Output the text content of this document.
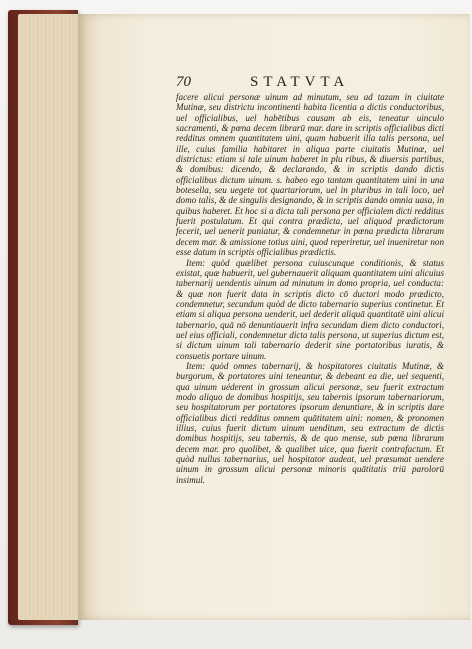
70	STATVTA

facere alicui personæ uinum ad minutum, seu ad tazam in ciuitate Mutinæ, seu districtu incontinenti habita licentia a dictis conductoribus, uel officialibus, uel habētibus causam ab eis, teneatur uinculo sacramenti, & pœna decem librarū mar. dare in scriptis officialibus dicti redditus omnem quantitatem uini, quam habuerit illa talis persona, uel ille, cuius familia habitaret in aliqua parte ciuitatis Mutinæ, uel districtus: etiam si tale uinum haberet in plu ribus, & diuersis partibus, & domibus: dicendo, & declarando, & in scriptis dando dictis officialibus dictum uinum. s. habeo ego tantam quantitatem uini in una botesella, seu uegete tot quartariorum, uel in pluribus in tali loco, uel domo talis, & de singulis designando, & in scriptis dando omnia uasa, in quibus haberet. Et hoc si a dicta tali persona per officialem dicti redditus fuerit postulatum. Et qui contra prædicta, uel aliquod prædictorum fecerit, uel uenerit puniatur, & condemnetur in pœna prædicta librarum decem mar. & amissione totius uini, quod reperiretur, uel inueniretur non esse datum in scriptis officialibus prædictis.

Item: quòd quælibet persona cuiuscunque conditionis, & status existat, quæ habuerit, uel gubernauerit aliquam quantitatem uini alicuius tabernarij uendentis uinum ad minutum in domo propria, uel conducta: & quæ non fuerit data in scriptis dicto cō ductori modo prædicto, condemnetur, secundum quòd de dicto tabernario superius continetur. Et etiam si aliqua persona uenderit, uel dederit aliquā quantitatē uini alicui tabernario, quā nō denuntiauerit infra secundam diem dicto conductori, uel eius officiali, condemnetur dicta talis persona, ut superius dictum est, si dictum uinum tali tabernario dederit sine portatoribus iuratis, & consuetis portare uinum.

Item: quòd omnes tabernarij, & hospitatores ciuitatis Mutinæ, & burgorum, & portatores uini teneantur, & debeant ea die, uel sequenti, qua uinum uéderent in grossum alicui personæ, seu fuerit extractum modo aliquo de domibus hospitijs, seu tabernis ipsorum tabernariorum, seu hospitatorum per portatores ipsorum denuntiare, & in scriptis dare officialibus dicti redditus omnem quātitatem uini: nomen, & pronomen illius, cuius fuerit dictum uinum uenditum, seu extractum de dictis domibus hospitijs, seu tabernis, & de quo mense, sub pœna librarum decem mar. pro quolibet, & qualibet uice, qua fuerit contrafactum. Et quòd nullus tabernarius, uel hospitator audeat, uel præsumat uendere uinum in grossum alicui personæ minoris quātitatis triū parolorū insimul.
